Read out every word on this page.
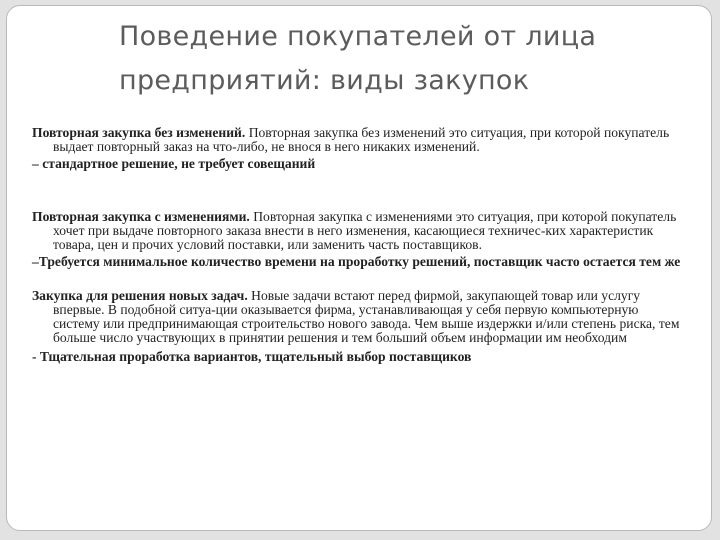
Поведение покупателей от лица предприятий: виды закупок

Повторная закупка без изменений. Повторная закупка без изменений это ситуация, при которой покупатель выдает повторный заказ на что-либо, не внося в него никаких изменений.

– стандартное решение, не требует совещаний

Повторная закупка с изменениями. Повторная закупка с изменениями это ситуация, при которой покупатель хочет при выдаче повторного заказа внести в него изменения, касающиеся техничес-ких характеристик товара, цен и прочих условий поставки, или заменить часть поставщиков.

–Требуется минимальное количество времени на проработку решений, поставщик часто остается тем же

Закупка для решения новых задач. Новые задачи встают перед фирмой, закупающей товар или услугу впервые. В подобной ситуа-ции оказывается фирма, устанавливающая у себя первую компьютерную систему или предпринимающая строительство нового завода. Чем выше издержки и/или степень риска, тем больше число участвующих в принятии решения и тем больший объем информации им необходим

- Тщательная проработка вариантов, тщательный выбор поставщиков
